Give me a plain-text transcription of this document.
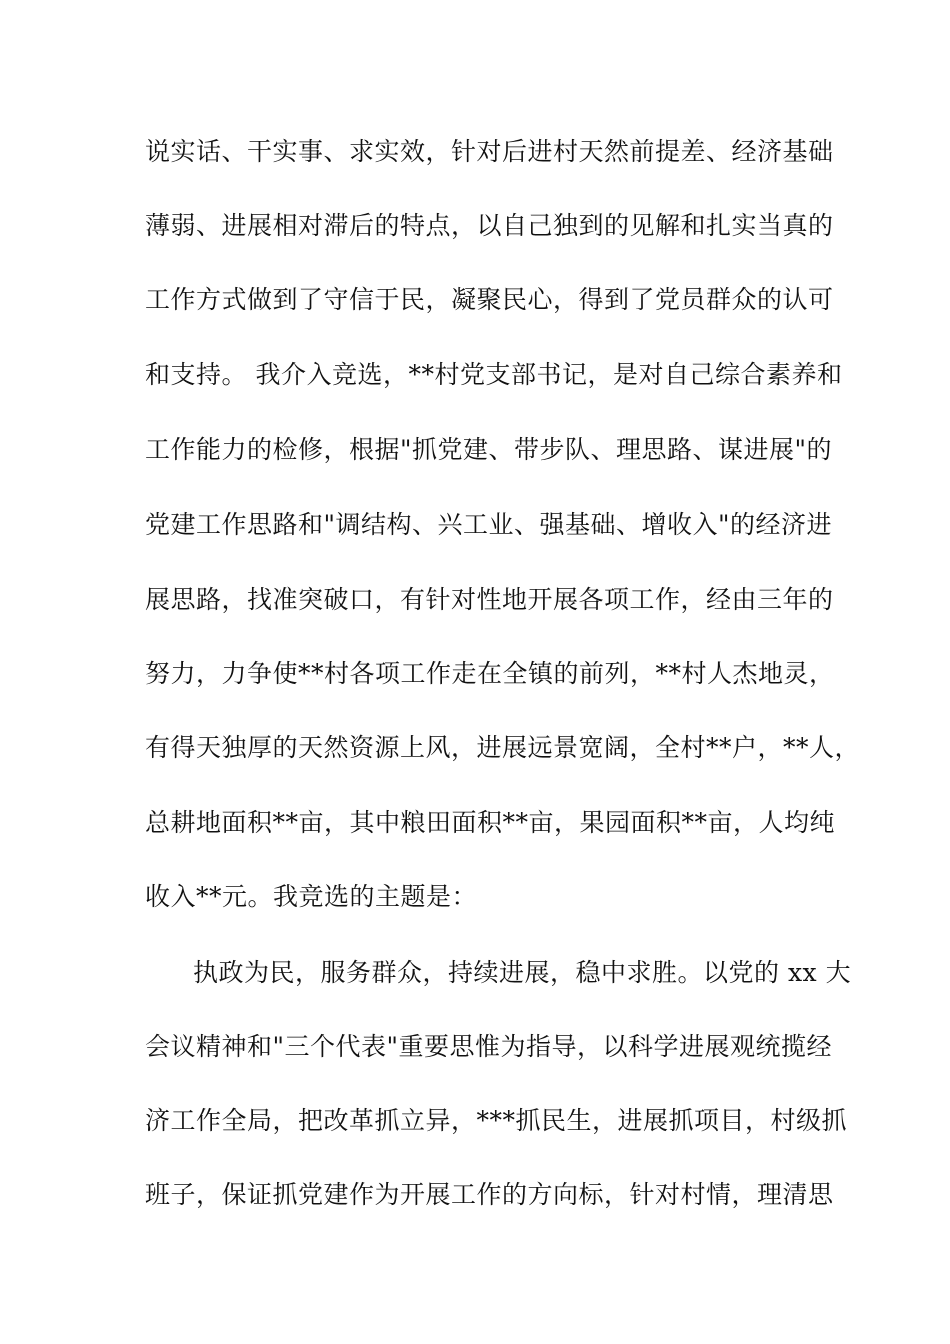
说实话、干实事、求实效，针对后进村天然前提差、经济基础
薄弱、进展相对滞后的特点，以自己独到的见解和扎实当真的
工作方式做到了守信于民，凝聚民心，得到了党员群众的认可
和支持。 我介入竞选，**村党支部书记，是对自己综合素养和
工作能力的检修，根据"抓党建、带步队、理思路、谋进展"的
党建工作思路和"调结构、兴工业、强基础、增收入"的经济进
展思路，找准突破口，有针对性地开展各项工作，经由三年的
努力，力争使**村各项工作走在全镇的前列，**村人杰地灵，
有得天独厚的天然资源上风，进展远景宽阔，全村**户，**人，
总耕地面积**亩，其中粮田面积**亩，果园面积**亩，人均纯
收入**元。我竞选的主题是：
执政为民，服务群众，持续进展，稳中求胜。以党的 xx 大
会议精神和"三个代表"重要思惟为指导，以科学进展观统揽经
济工作全局，把改革抓立异，***抓民生，进展抓项目，村级抓
班子，保证抓党建作为开展工作的方向标，针对村情，理清思
